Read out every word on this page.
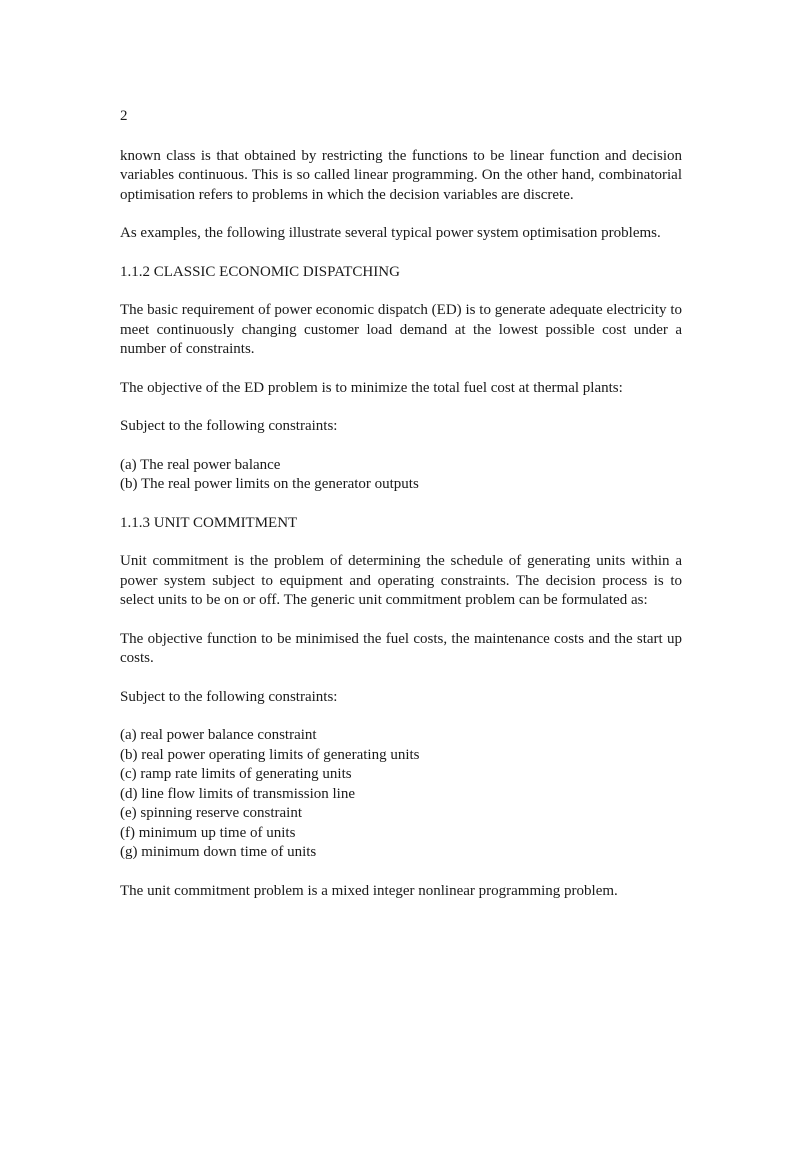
2

known class is that obtained by restricting the functions to be linear function and decision variables continuous. This is so called linear programming. On the other hand, combinatorial optimisation refers to problems in which the decision variables are discrete.

As examples, the following illustrate several typical power system optimisation problems.

1.1.2 CLASSIC ECONOMIC DISPATCHING

The basic requirement of power economic dispatch (ED) is to generate adequate electricity to meet continuously changing customer load demand at the lowest possible cost under a number of constraints.

The objective of the ED problem is to minimize the total fuel cost at thermal plants:

Subject to the following constraints:

(a) The real power balance
(b) The real power limits on the generator outputs
1.1.3 UNIT COMMITMENT

Unit commitment is the problem of determining the schedule of generating units within a power system subject to equipment and operating constraints. The decision process is to select units to be on or off. The generic unit commitment problem can be formulated as:

The objective function to be minimised the fuel costs, the maintenance costs and the start up costs.

Subject to the following constraints:

(a) real power balance constraint
(b) real power operating limits of generating units
(c) ramp rate limits of generating units
(d) line flow limits of transmission line
(e) spinning reserve constraint
(f) minimum up time of units
(g) minimum down time of units

The unit commitment problem is a mixed integer nonlinear programming problem.
